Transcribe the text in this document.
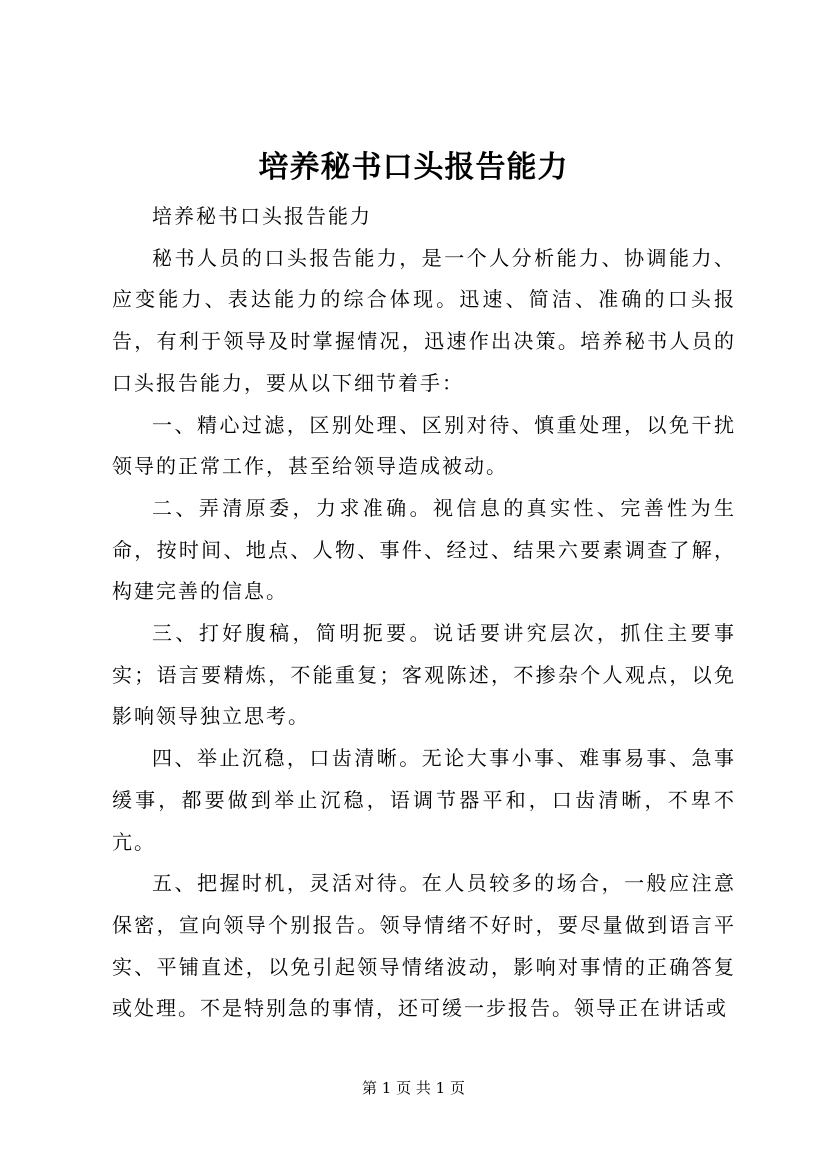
培养秘书口头报告能力

培养秘书口头报告能力

秘书人员的口头报告能力，是一个人分析能力、协调能力、应变能力、表达能力的综合体现。迅速、简洁、准确的口头报告，有利于领导及时掌握情况，迅速作出决策。培养秘书人员的口头报告能力，要从以下细节着手：

一、精心过滤，区别处理、区别对待、慎重处理，以免干扰领导的正常工作，甚至给领导造成被动。

二、弄清原委，力求准确。视信息的真实性、完善性为生命，按时间、地点、人物、事件、经过、结果六要素调查了解，构建完善的信息。

三、打好腹稿，简明扼要。说话要讲究层次，抓住主要事实；语言要精炼，不能重复；客观陈述，不掺杂个人观点，以免影响领导独立思考。

四、举止沉稳，口齿清晰。无论大事小事、难事易事、急事缓事，都要做到举止沉稳，语调节器平和，口齿清晰，不卑不亢。

五、把握时机，灵活对待。在人员较多的场合，一般应注意保密，宣向领导个别报告。领导情绪不好时，要尽量做到语言平实、平铺直述，以免引起领导情绪波动，影响对事情的正确答复或处理。不是特别急的事情，还可缓一步报告。领导正在讲话或

第 1 页 共 1 页
